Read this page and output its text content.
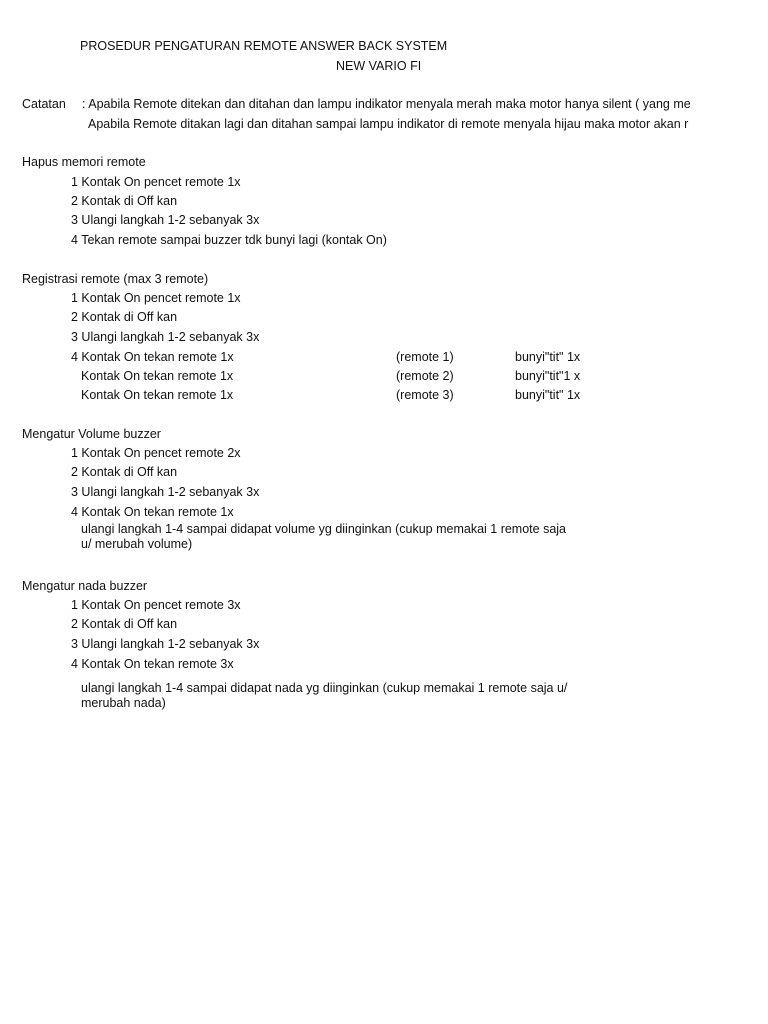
PROSEDUR PENGATURAN REMOTE ANSWER BACK SYSTEM
NEW VARIO FI
Catatan : Apabila Remote ditekan dan ditahan dan lampu indikator menyala merah maka motor hanya silent ( yang me
Apabila Remote ditakan lagi dan ditahan sampai lampu indikator di remote menyala hijau maka motor akan r
Hapus memori remote
1 Kontak On pencet remote 1x
2 Kontak di Off kan
3 Ulangi langkah 1-2 sebanyak 3x
4 Tekan remote sampai buzzer tdk bunyi lagi (kontak On)
Registrasi remote (max 3 remote)
1 Kontak On pencet remote 1x
2 Kontak di Off kan
3 Ulangi langkah 1-2 sebanyak 3x
4 Kontak On tekan remote 1x	(remote 1)	bunyi"tit" 1x
Kontak On tekan remote 1x	(remote 2)	bunyi"tit"1 x
Kontak On tekan remote 1x	(remote 3)	bunyi"tit" 1x
Mengatur Volume buzzer
1 Kontak On pencet remote 2x
2 Kontak di Off kan
3 Ulangi langkah 1-2 sebanyak 3x
4 Kontak On tekan remote 1x
ulangi langkah 1-4 sampai didapat volume yg diinginkan (cukup memakai 1 remote saja
u/ merubah volume)
Mengatur nada buzzer
1 Kontak On pencet remote 3x
2 Kontak di Off kan
3 Ulangi langkah 1-2 sebanyak 3x
4 Kontak On tekan remote 3x
ulangi langkah 1-4 sampai didapat nada yg diinginkan (cukup memakai 1 remote saja u/
merubah nada)
